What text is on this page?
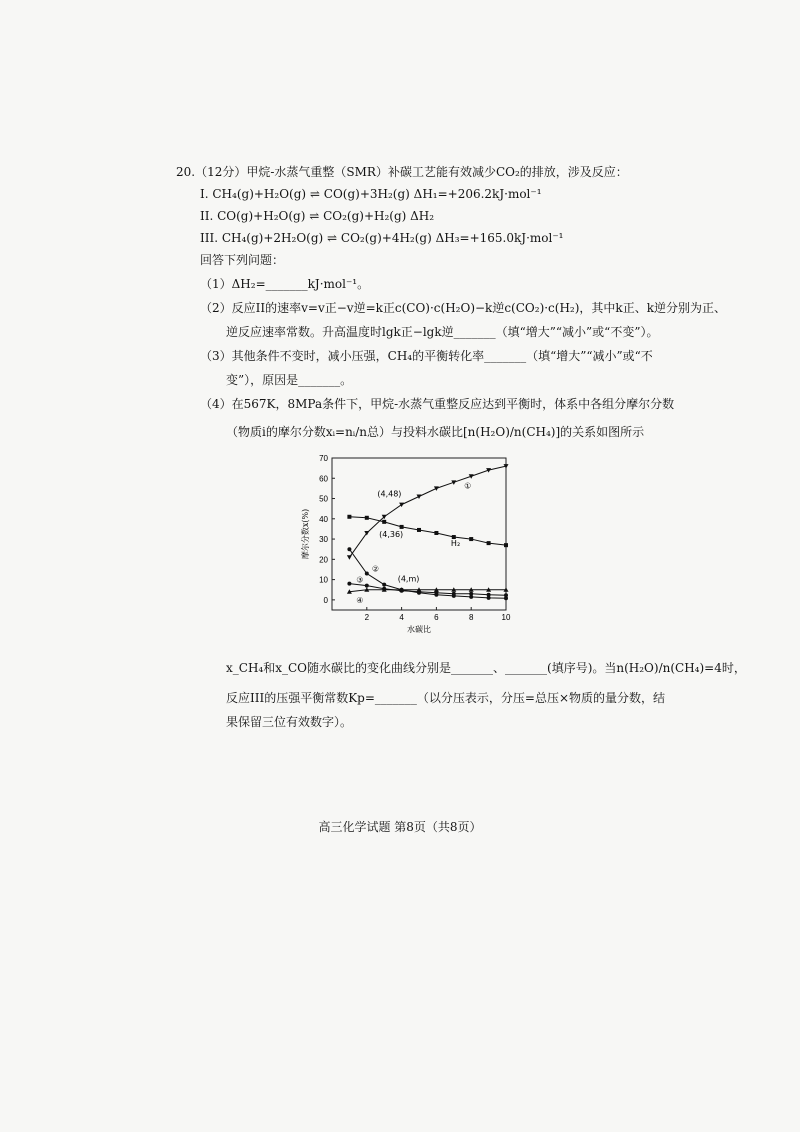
20.（12分）甲烷-水蒸气重整（SMR）补碳工艺能有效减少CO₂的排放，涉及反应：
I. CH₄(g)+H₂O(g) ⇌ CO(g)+3H₂(g) ΔH₁=+206.2kJ·mol⁻¹
II. CO(g)+H₂O(g) ⇌ CO₂(g)+H₂(g) ΔH₂
III. CH₄(g)+2H₂O(g) ⇌ CO₂(g)+4H₂(g) ΔH₃=+165.0kJ·mol⁻¹
回答下列问题：
（1）ΔH₂=_______kJ·mol⁻¹。
（2）反应II的速率v=v正−v逆=k正c(CO)·c(H₂O)−k逆c(CO₂)·c(H₂)，其中k正、k逆分别为正、
逆反应速率常数。升高温度时lgk正−lgk逆_______（填“增大”“减小”或“不变”）。
（3）其他条件不变时，减小压强，CH₄的平衡转化率_______（填“增大”“减小”或“不
变”），原因是_______。
（4）在567K，8MPa条件下，甲烷-水蒸气重整反应达到平衡时，体系中各组分摩尔分数
（物质i的摩尔分数xᵢ=nᵢ/n总）与投料水碳比[n(H₂O)/n(CH₄)]的关系如图所示
0
10
20
30
40
50
60
70
2	4	6	8	10
水碳比
摩尔分数x(%)
(4,48)
(4,36)
(4,m)
①
②
③
④
H₂
x_CH₄和x_CO随水碳比的变化曲线分别是_______、_______(填序号)。当n(H₂O)/n(CH₄)=4时，
反应III的压强平衡常数Kp=_______（以分压表示，分压=总压×物质的量分数，结
果保留三位有效数字）。
高三化学试题 第8页（共8页）
